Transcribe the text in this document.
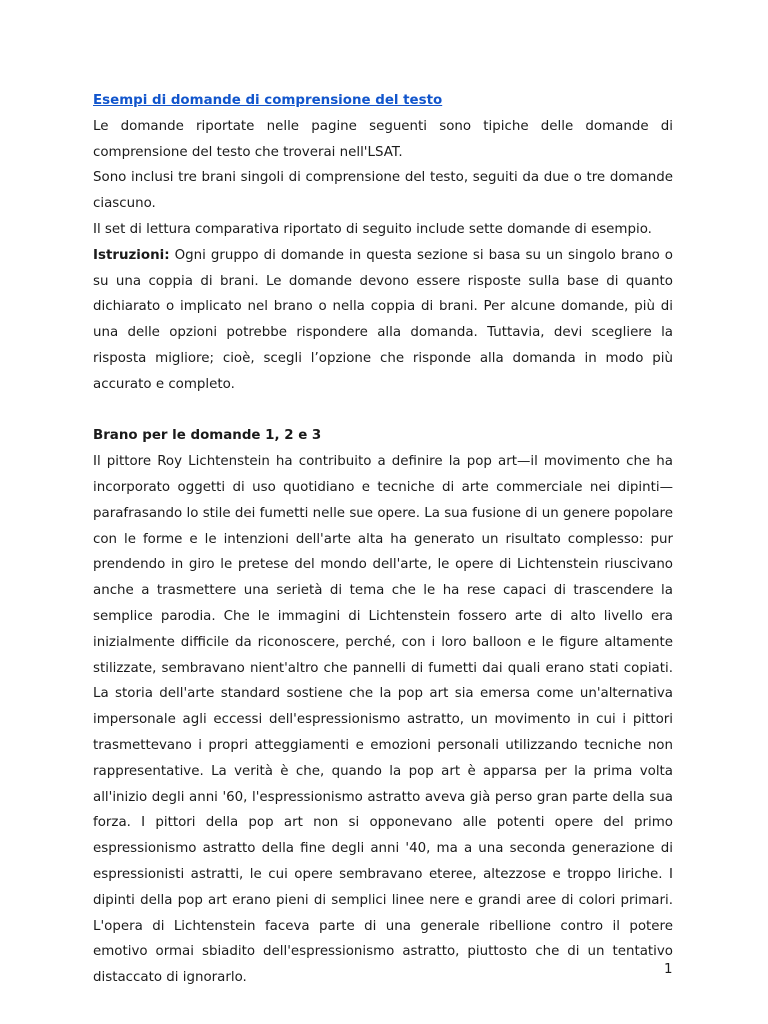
Esempi di domande di comprensione del testo

Le domande riportate nelle pagine seguenti sono tipiche delle domande di comprensione del testo che troverai nell'LSAT.

Sono inclusi tre brani singoli di comprensione del testo, seguiti da due o tre domande ciascuno.

Il set di lettura comparativa riportato di seguito include sette domande di esempio.

Istruzioni: Ogni gruppo di domande in questa sezione si basa su un singolo brano o su una coppia di brani. Le domande devono essere risposte sulla base di quanto dichiarato o implicato nel brano o nella coppia di brani. Per alcune domande, più di una delle opzioni potrebbe rispondere alla domanda. Tuttavia, devi scegliere la risposta migliore; cioè, scegli l’opzione che risponde alla domanda in modo più accurato e completo.

Brano per le domande 1, 2 e 3

Il pittore Roy Lichtenstein ha contribuito a definire la pop art—il movimento che ha incorporato oggetti di uso quotidiano e tecniche di arte commerciale nei dipinti—parafrasando lo stile dei fumetti nelle sue opere. La sua fusione di un genere popolare con le forme e le intenzioni dell'arte alta ha generato un risultato complesso: pur prendendo in giro le pretese del mondo dell'arte, le opere di Lichtenstein riuscivano anche a trasmettere una serietà di tema che le ha rese capaci di trascendere la semplice parodia. Che le immagini di Lichtenstein fossero arte di alto livello era inizialmente difficile da riconoscere, perché, con i loro balloon e le figure altamente stilizzate, sembravano nient'altro che pannelli di fumetti dai quali erano stati copiati. La storia dell'arte standard sostiene che la pop art sia emersa come un'alternativa impersonale agli eccessi dell'espressionismo astratto, un movimento in cui i pittori trasmettevano i propri atteggiamenti e emozioni personali utilizzando tecniche non rappresentative. La verità è che, quando la pop art è apparsa per la prima volta all'inizio degli anni '60, l'espressionismo astratto aveva già perso gran parte della sua forza. I pittori della pop art non si opponevano alle potenti opere del primo espressionismo astratto della fine degli anni '40, ma a una seconda generazione di espressionisti astratti, le cui opere sembravano eteree, altezzose e troppo liriche. I dipinti della pop art erano pieni di semplici linee nere e grandi aree di colori primari. L'opera di Lichtenstein faceva parte di una generale ribellione contro il potere emotivo ormai sbiadito dell'espressionismo astratto, piuttosto che di un tentativo distaccato di ignorarlo.

1
